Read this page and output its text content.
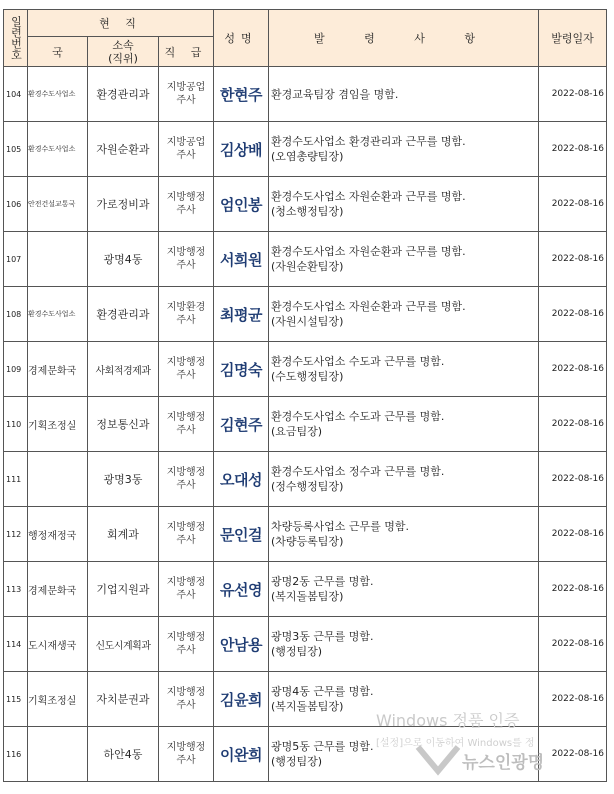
일련번호	현 직			성명	발 령 사 항	발령일자
	국	소속
(직위)	직 급			
104	환경수도사업소	환경관리과	지방공업
주사	한현주	환경교육팀장 겸임을 명함.	2022-08-16
105	환경수도사업소	자원순환과	지방공업
주사	김상배	환경수도사업소 환경관리과 근무를 명함.
(오염총량팀장)	2022-08-16
106	안전건설교통국	가로정비과	지방행정
주사	엄인봉	환경수도사업소 자원순환과 근무를 명함.
(청소행정팀장)	2022-08-16
107		광명4동	지방행정
주사	서희원	환경수도사업소 자원순환과 근무를 명함.
(자원순환팀장)	2022-08-16
108	환경수도사업소	환경관리과	지방환경
주사	최평균	환경수도사업소 자원순환과 근무를 명함.
(자원시설팀장)	2022-08-16
109	경제문화국	사회적경제과	지방행정
주사	김명숙	환경수도사업소 수도과 근무를 명함.
(수도행정팀장)	2022-08-16
110	기획조정실	정보통신과	지방행정
주사	김현주	환경수도사업소 수도과 근무를 명함.
(요금팀장)	2022-08-16
111		광명3동	지방행정
주사	오대성	환경수도사업소 정수과 근무를 명함.
(정수행정팀장)	2022-08-16
112	행정재정국	회계과	지방행정
주사	문인걸	차량등록사업소 근무를 명함.
(차량등록팀장)	2022-08-16
113	경제문화국	기업지원과	지방행정
주사	유선영	광명2동 근무를 명함.
(복지돌봄팀장)	2022-08-16
114	도시재생국	신도시계획과	지방행정
주사	안남용	광명3동 근무를 명함.
(행정팀장)	2022-08-16
115	기획조정실	자치분권과	지방행정
주사	김윤희	광명4동 근무를 명함.
(복지돌봄팀장)	2022-08-16
116		하안4동	지방행정
주사	이완희	광명5동 근무를 명함.
(행정팀장)	2022-08-16
Windows 정품 인증
[설정]으로 이동하여 Windows를 정
뉴스인광명
